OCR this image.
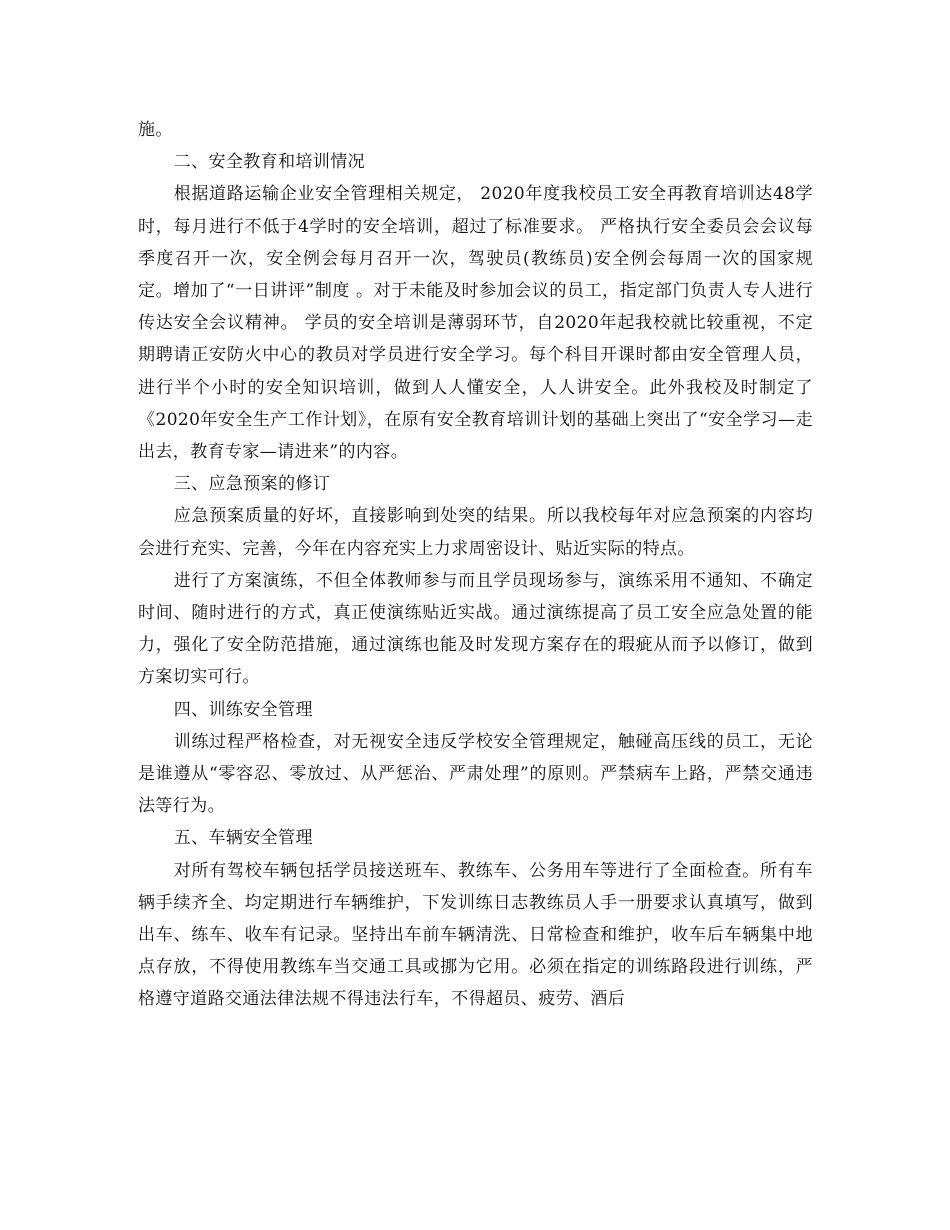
施。

二、安全教育和培训情况

根据道路运输企业安全管理相关规定， 2020年度我校员工安全再教育培训达48学时，每月进行不低于4学时的安全培训，超过了标准要求。 严格执行安全委员会会议每季度召开一次，安全例会每月召开一次，驾驶员(教练员)安全例会每周一次的国家规定。增加了“一日讲评”制度 。对于未能及时参加会议的员工，指定部门负责人专人进行传达安全会议精神。 学员的安全培训是薄弱环节，自2020年起我校就比较重视，不定期聘请正安防火中心的教员对学员进行安全学习。每个科目开课时都由安全管理人员，进行半个小时的安全知识培训，做到人人懂安全，人人讲安全。此外我校及时制定了《2020年安全生产工作计划》，在原有安全教育培训计划的基础上突出了“安全学习—走出去，教育专家—请进来”的内容。

三、应急预案的修订

应急预案质量的好坏，直接影响到处突的结果。所以我校每年对应急预案的内容均会进行充实、完善，今年在内容充实上力求周密设计、贴近实际的特点。

进行了方案演练，不但全体教师参与而且学员现场参与，演练采用不通知、不确定时间、随时进行的方式，真正使演练贴近实战。通过演练提高了员工安全应急处置的能力，强化了安全防范措施，通过演练也能及时发现方案存在的瑕疵从而予以修订，做到方案切实可行。

四、训练安全管理

训练过程严格检查，对无视安全违反学校安全管理规定，触碰高压线的员工，无论是谁遵从“零容忍、零放过、从严惩治、严肃处理”的原则。严禁病车上路，严禁交通违法等行为。

五、车辆安全管理

对所有驾校车辆包括学员接送班车、教练车、公务用车等进行了全面检查。所有车辆手续齐全、均定期进行车辆维护，下发训练日志教练员人手一册要求认真填写，做到出车、练车、收车有记录。坚持出车前车辆清洗、日常检查和维护，收车后车辆集中地点存放，不得使用教练车当交通工具或挪为它用。必须在指定的训练路段进行训练，严格遵守道路交通法律法规不得违法行车，不得超员、疲劳、酒后
